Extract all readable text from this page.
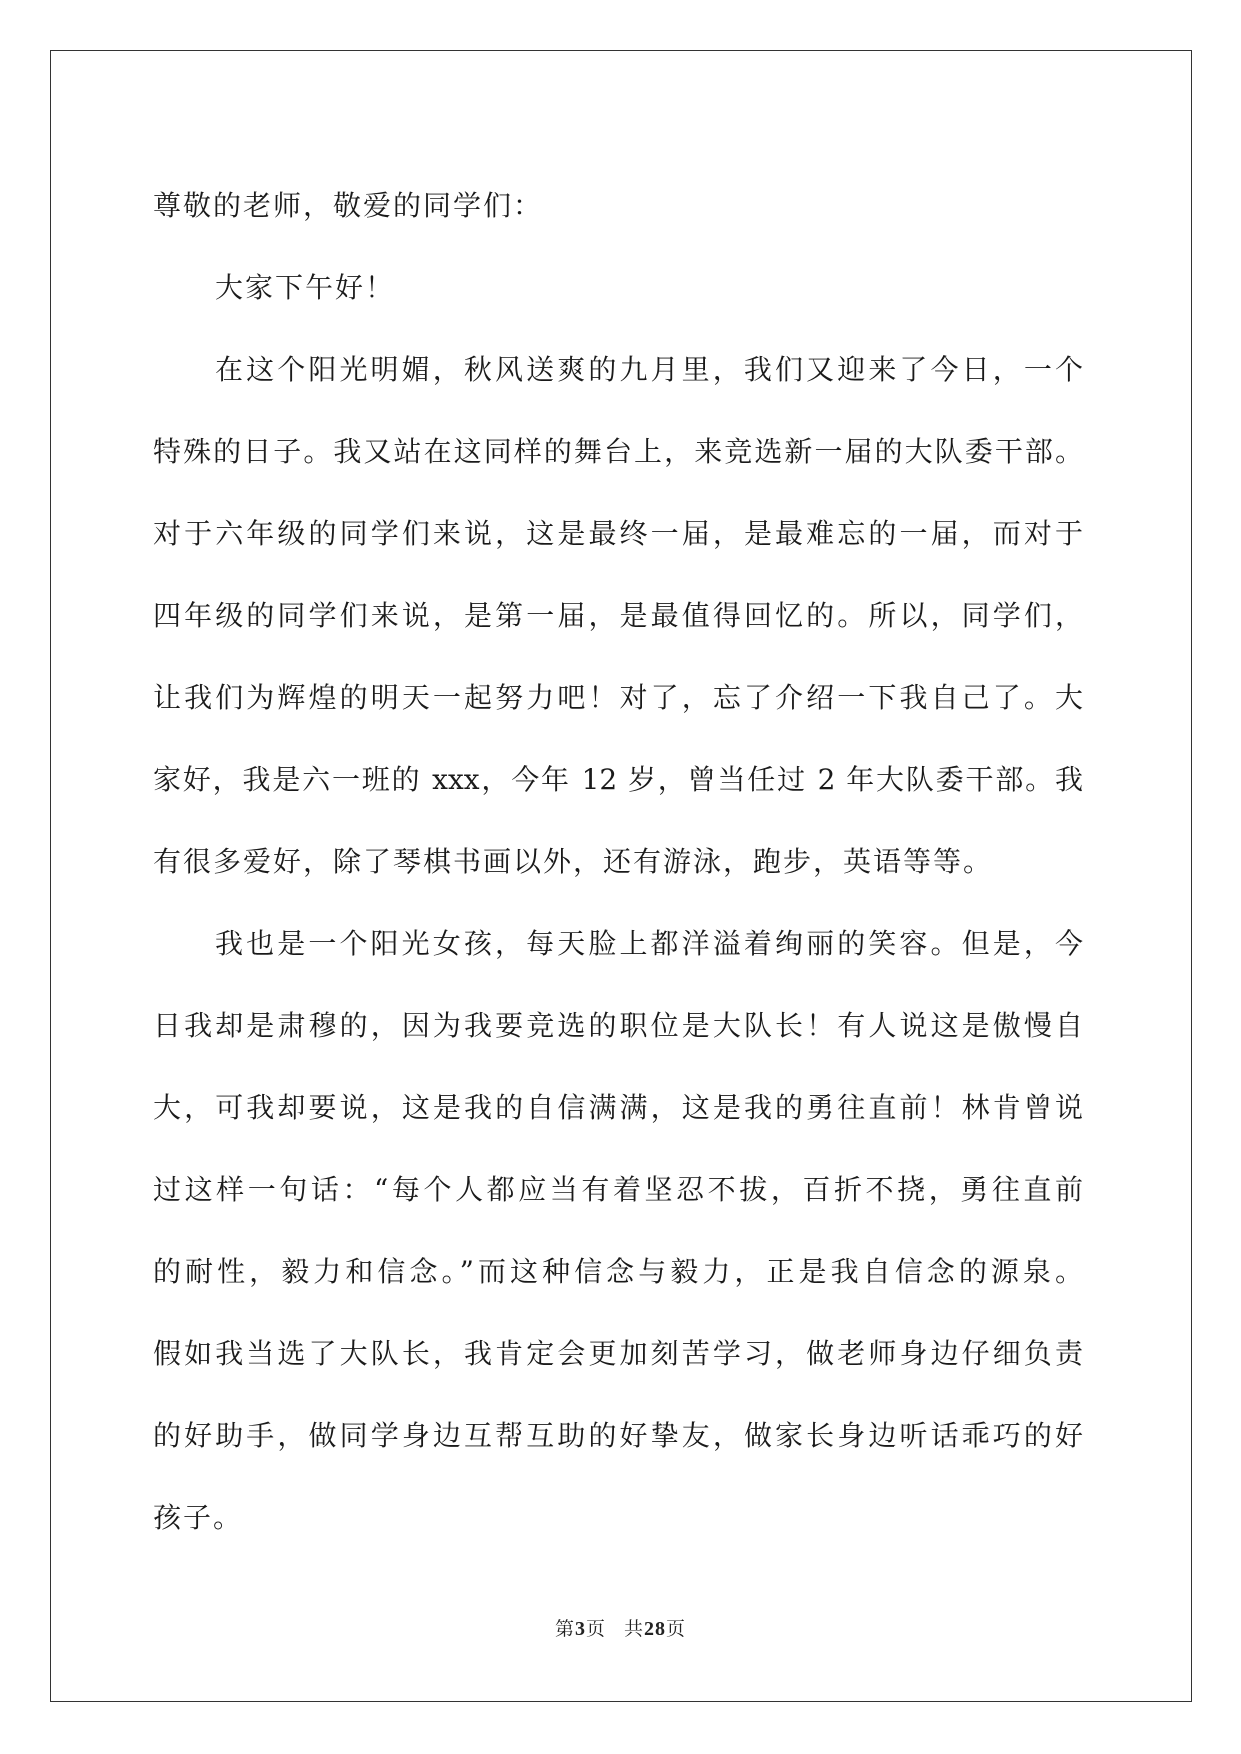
尊敬的老师，敬爱的同学们：
大家下午好！
在这个阳光明媚，秋风送爽的九月里，我们又迎来了今日，一个
特殊的日子。我又站在这同样的舞台上，来竞选新一届的大队委干部。
对于六年级的同学们来说，这是最终一届，是最难忘的一届，而对于
四年级的同学们来说，是第一届，是最值得回忆的。所以，同学们，
让我们为辉煌的明天一起努力吧！对了，忘了介绍一下我自己了。大
家好，我是六一班的 xxx，今年 12 岁，曾当任过 2 年大队委干部。我
有很多爱好，除了琴棋书画以外，还有游泳，跑步，英语等等。
我也是一个阳光女孩，每天脸上都洋溢着绚丽的笑容。但是，今
日我却是肃穆的，因为我要竞选的职位是大队长！有人说这是傲慢自
大，可我却要说，这是我的自信满满，这是我的勇往直前！林肯曾说
过这样一句话：“每个人都应当有着坚忍不拔，百折不挠，勇往直前
的耐性，毅力和信念。”而这种信念与毅力，正是我自信念的源泉。
假如我当选了大队长，我肯定会更加刻苦学习，做老师身边仔细负责
的好助手，做同学身边互帮互助的好挚友，做家长身边听话乖巧的好
孩子。
第3页 共28页
